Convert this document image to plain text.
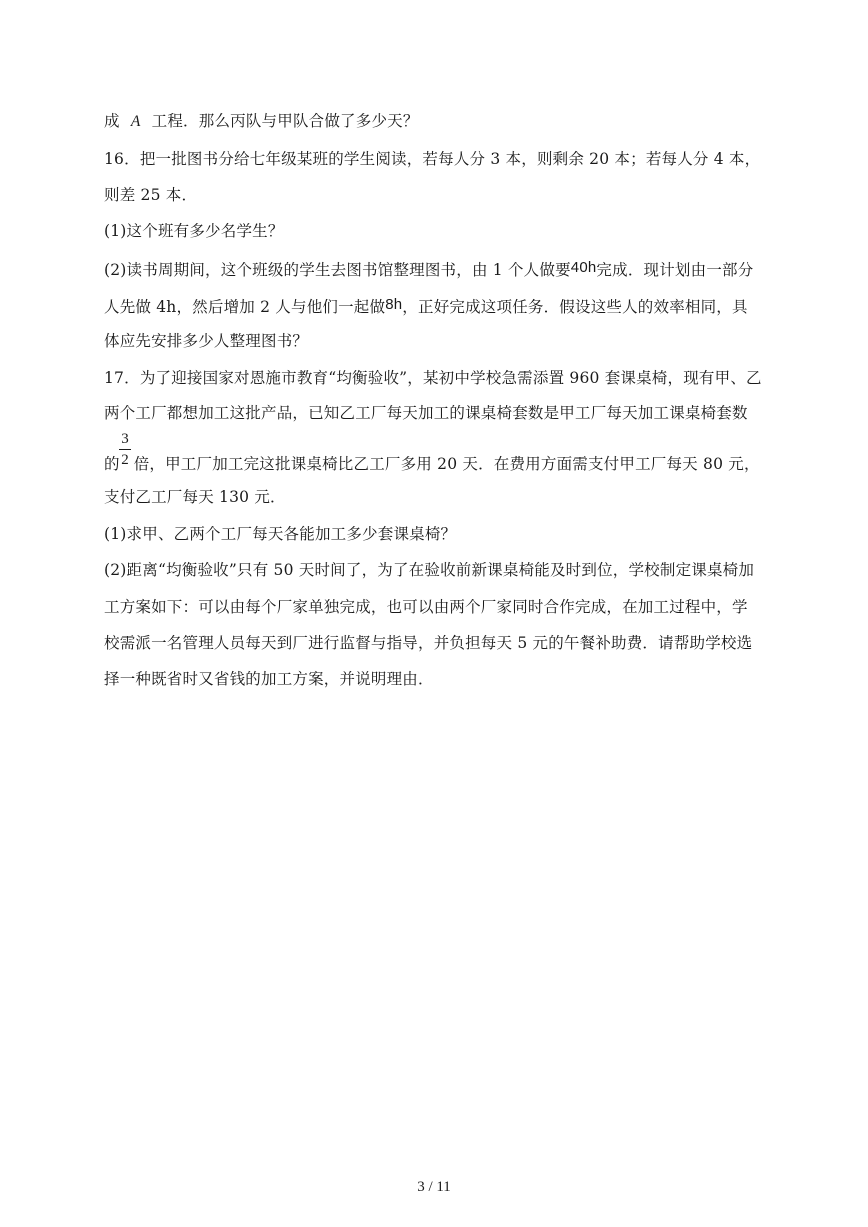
成 A 工程．那么丙队与甲队合做了多少天？
16．把一批图书分给七年级某班的学生阅读，若每人分 3 本，则剩余 20 本；若每人分 4 本，
则差 25 本．
(1)这个班有多少名学生？
(2)读书周期间，这个班级的学生去图书馆整理图书，由 1 个人做要40h完成．现计划由一部分
人先做 4h，然后增加 2 人与他们一起做8h，正好完成这项任务．假设这些人的效率相同，具
体应先安排多少人整理图书？
17．为了迎接国家对恩施市教育“均衡验收”，某初中学校急需添置 960 套课桌椅，现有甲、乙
两个工厂都想加工这批产品，已知乙工厂每天加工的课桌椅套数是甲工厂每天加工课桌椅套数
3
2
的 倍，甲工厂加工完这批课桌椅比乙工厂多用 20 天．在费用方面需支付甲工厂每天 80 元，
支付乙工厂每天 130 元．
(1)求甲、乙两个工厂每天各能加工多少套课桌椅？
(2)距离“均衡验收”只有 50 天时间了，为了在验收前新课桌椅能及时到位，学校制定课桌椅加
工方案如下：可以由每个厂家单独完成，也可以由两个厂家同时合作完成，在加工过程中，学
校需派一名管理人员每天到厂进行监督与指导，并负担每天 5 元的午餐补助费．请帮助学校选
择一种既省时又省钱的加工方案，并说明理由．
3 / 11
